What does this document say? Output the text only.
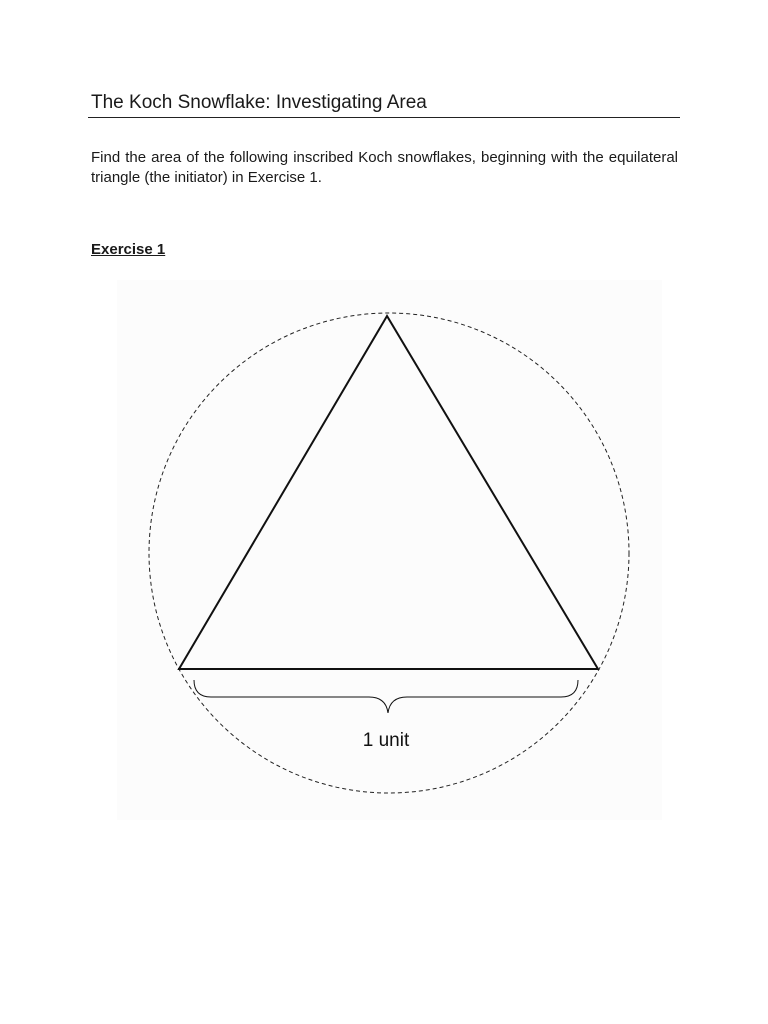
The Koch Snowflake: Investigating Area

Find the area of the following inscribed Koch snowflakes, beginning with the equilateral triangle (the initiator) in Exercise 1.

Exercise 1

1 unit
